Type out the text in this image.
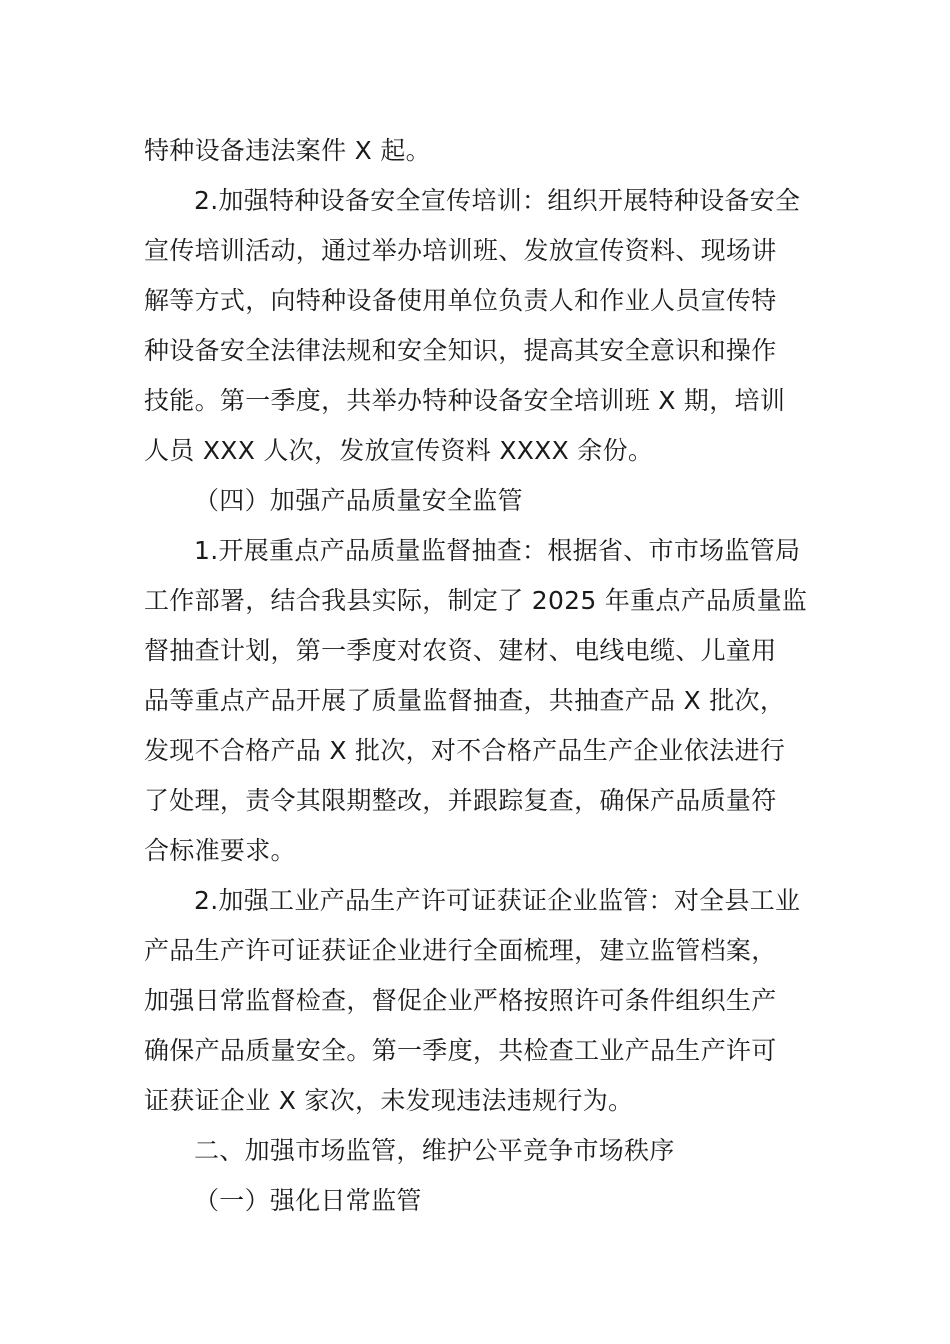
特种设备违法案件 X 起。
2.加强特种设备安全宣传培训：组织开展特种设备安全
宣传培训活动，通过举办培训班、发放宣传资料、现场讲
解等方式，向特种设备使用单位负责人和作业人员宣传特
种设备安全法律法规和安全知识，提高其安全意识和操作
技能。第一季度，共举办特种设备安全培训班 X 期，培训
人员 XXX 人次，发放宣传资料 XXXX 余份。
（四）加强产品质量安全监管
1.开展重点产品质量监督抽查：根据省、市市场监管局
工作部署，结合我县实际，制定了 2025 年重点产品质量监
督抽查计划，第一季度对农资、建材、电线电缆、儿童用
品等重点产品开展了质量监督抽查，共抽查产品 X 批次，
发现不合格产品 X 批次，对不合格产品生产企业依法进行
了处理，责令其限期整改，并跟踪复查，确保产品质量符
合标准要求。
2.加强工业产品生产许可证获证企业监管：对全县工业
产品生产许可证获证企业进行全面梳理，建立监管档案，
加强日常监督检查，督促企业严格按照许可条件组织生产
确保产品质量安全。第一季度，共检查工业产品生产许可
证获证企业 X 家次，未发现违法违规行为。
二、加强市场监管，维护公平竞争市场秩序
（一）强化日常监管
